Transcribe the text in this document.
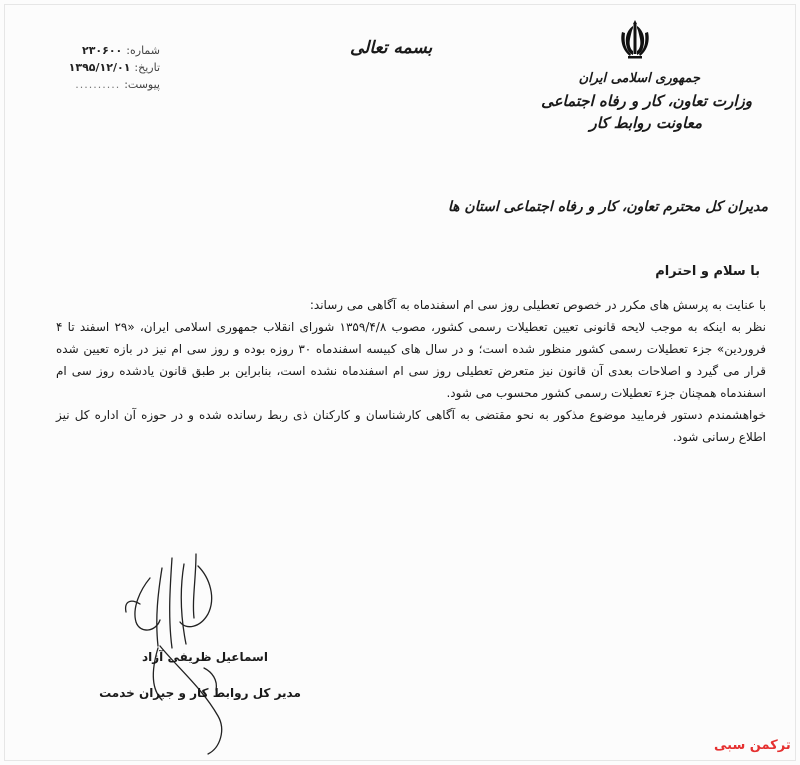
جمهوری اسلامی ایران
وزارت تعاون، کار و رفاه اجتماعی
معاونت روابط کار
بسمه تعالی
شماره:
۲۳۰۶۰۰
تاریخ:
۱۳۹۵/۱۲/۰۱
پیوست:
..........
مدیران کل محترم تعاون، کار و رفاه اجتماعی استان ها
با سلام و احترام

با عنایت به پرسش های مکرر در خصوص تعطیلی روز سی ام اسفندماه به آگاهی می رساند:

نظر به اینکه به موجب لایحه قانونی تعیین تعطیلات رسمی کشور، مصوب ۱۳۵۹/۴/۸ شورای انقلاب جمهوری اسلامی ایران، «۲۹ اسفند تا ۴ فروردین» جزء تعطیلات رسمی کشور منظور شده است؛ و در سال های کبیسه اسفندماه ۳۰ روزه بوده و روز سی ام نیز در بازه تعیین شده قرار می گیرد و اصلاحات بعدی آن قانون نیز متعرض تعطیلی روز سی ام اسفندماه نشده است، بنابراین بر طبق قانون یادشده روز سی ام اسفندماه همچنان جزء تعطیلات رسمی کشور محسوب می شود.

خواهشمندم دستور فرمایید موضوع مذکور به نحو مقتضی به آگاهی کارشناسان و کارکنان ذی ربط رسانده شده و در حوزه آن اداره کل نیز اطلاع رسانی شود.

اسماعیل ظریفی آزاد
مدیر کل روابط کار و جبران خدمت
ترکمن سبی
